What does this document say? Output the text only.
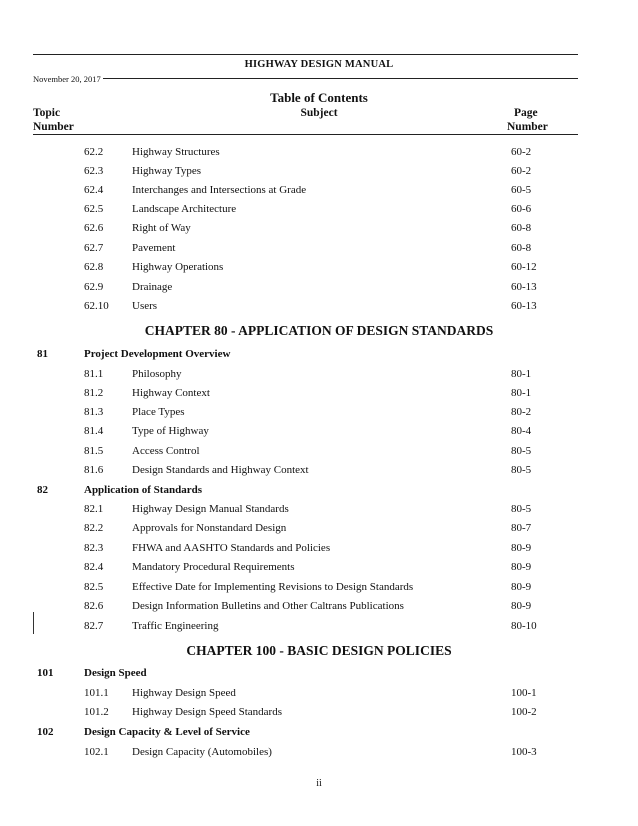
HIGHWAY DESIGN MANUAL
November 20, 2017
Table of Contents
Topic
Number
Subject	Page
Number
62.2	Highway Structures	60-2
62.3	Highway Types	60-2
62.4	Interchanges and Intersections at Grade	60-5
62.5	Landscape Architecture	60-6
62.6	Right of Way	60-8
62.7	Pavement	60-8
62.8	Highway Operations	60-12
62.9	Drainage	60-13
62.10 Users	60-13
CHAPTER 80 - APPLICATION OF DESIGN STANDARDS
81	Project Development Overview
81.1	Philosophy	80-1
81.2	Highway Context	80-1
81.3	Place Types	80-2
81.4	Type of Highway	80-4
81.5	Access Control	80-5
81.6	Design Standards and Highway Context	80-5
82	Application of Standards
82.1	Highway Design Manual Standards	80-5
82.2	Approvals for Nonstandard Design	80-7
82.3	FHWA and AASHTO Standards and Policies	80-9
82.4	Mandatory Procedural Requirements	80-9
82.5	Effective Date for Implementing Revisions to Design Standards	80-9
82.6	Design Information Bulletins and Other Caltrans Publications	80-9
82.7	Traffic Engineering	80-10
CHAPTER 100 - BASIC DESIGN POLICIES
101	Design Speed
101.1 Highway Design Speed	100-1
101.2 Highway Design Speed Standards	100-2
102	Design Capacity & Level of Service
102.1 Design Capacity (Automobiles)	100-3
ii
